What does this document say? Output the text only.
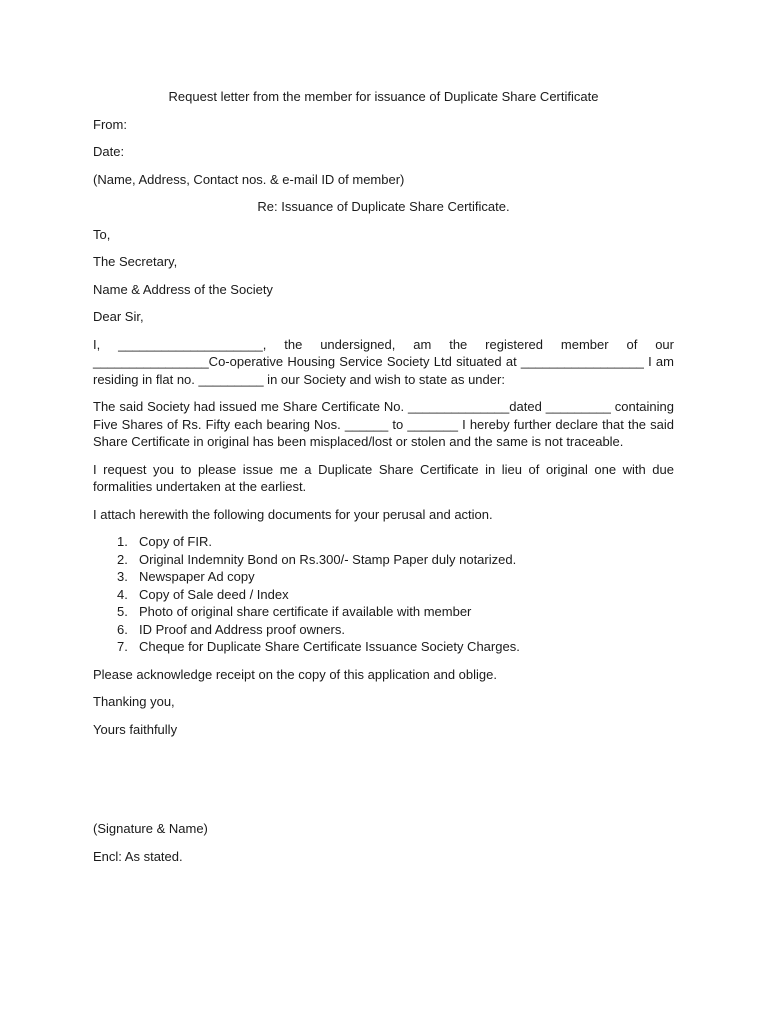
Request letter from the member for issuance of Duplicate Share Certificate

From:

Date:

(Name, Address, Contact nos. & e-mail ID of member)

Re: Issuance of Duplicate Share Certificate.

To,

The Secretary,

Name & Address of the Society

Dear Sir,

I, ____________________, the undersigned, am the registered member of our ________________Co-operative Housing Service Society Ltd situated at _________________ I am residing in flat no. _________ in our Society and wish to state as under:

The said Society had issued me Share Certificate No. ______________dated _________ containing Five Shares of Rs. Fifty each bearing Nos. ______ to _______ I hereby further declare that the said Share Certificate in original has been misplaced/lost or stolen and the same is not traceable.

I request you to please issue me a Duplicate Share Certificate in lieu of original one with due formalities undertaken at the earliest.

I attach herewith the following documents for your perusal and action.

1. Copy of FIR.
2. Original Indemnity Bond on Rs.300/- Stamp Paper duly notarized.
3. Newspaper Ad copy
4. Copy of Sale deed / Index
5. Photo of original share certificate if available with member
6. ID Proof and Address proof owners.
7. Cheque for Duplicate Share Certificate Issuance Society Charges.

Please acknowledge receipt on the copy of this application and oblige.

Thanking you,

Yours faithfully

(Signature & Name)

Encl: As stated.
